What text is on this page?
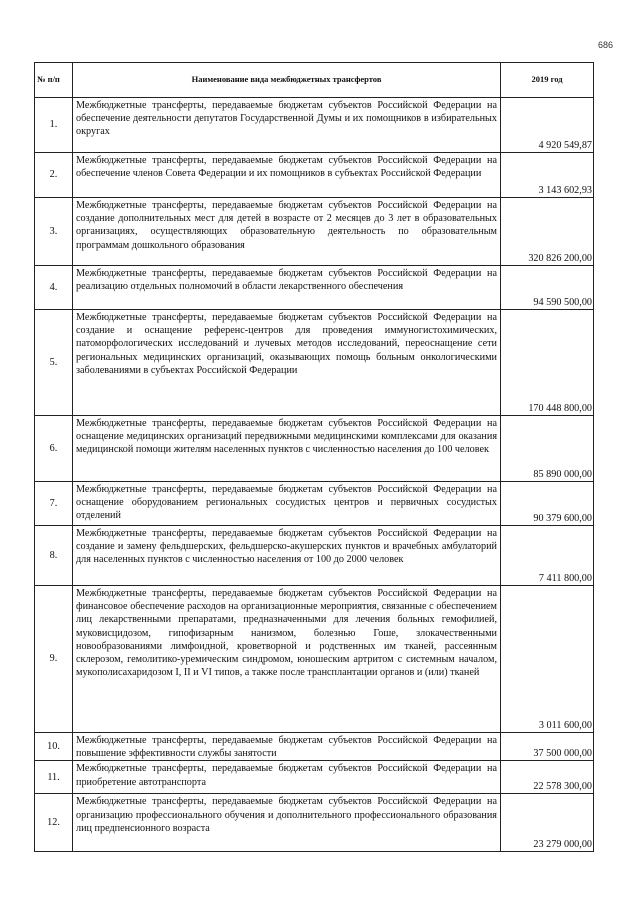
686
№ п/п	Наименование вида межбюджетных трансфертов	2019 год
1.	Межбюджетные трансферты, передаваемые бюджетам субъектов Российской Федерации на обеспечение деятельности депутатов Государственной Думы и их помощников в избирательных округах	4 920 549,87
2.	Межбюджетные трансферты, передаваемые бюджетам субъектов Российской Федерации на обеспечение членов Совета Федерации и их помощников в субъектах Российской Федерации	3 143 602,93
3.	Межбюджетные трансферты, передаваемые бюджетам субъектов Российской Федерации на создание дополнительных мест для детей в возрасте от 2 месяцев до 3 лет в образовательных организациях, осуществляющих образовательную деятельность по образовательным программам дошкольного образования	320 826 200,00
4.	Межбюджетные трансферты, передаваемые бюджетам субъектов Российской Федерации на реализацию отдельных полномочий в области лекарственного обеспечения	94 590 500,00
5.	Межбюджетные трансферты, передаваемые бюджетам субъектов Российской Федерации на создание и оснащение референс-центров для проведения иммуногистохимических, патоморфологических исследований и лучевых методов исследований, переоснащение сети региональных медицинских организаций, оказывающих помощь больным онкологическими заболеваниями в субъектах Российской Федерации	170 448 800,00
6.	Межбюджетные трансферты, передаваемые бюджетам субъектов Российской Федерации на оснащение медицинских организаций передвижными медицинскими комплексами для оказания медицинской помощи жителям населенных пунктов с численностью населения до 100 человек	85 890 000,00
7.	Межбюджетные трансферты, передаваемые бюджетам субъектов Российской Федерации на оснащение оборудованием региональных сосудистых центров и первичных сосудистых отделений	90 379 600,00
8.	Межбюджетные трансферты, передаваемые бюджетам субъектов Российской Федерации на создание и замену фельдшерских, фельдшерско-акушерских пунктов и врачебных амбулаторий для населенных пунктов с численностью населения от 100 до 2000 человек	7 411 800,00
9.	Межбюджетные трансферты, передаваемые бюджетам субъектов Российской Федерации на финансовое обеспечение расходов на организационные мероприятия, связанные с обеспечением лиц лекарственными препаратами, предназначенными для лечения больных гемофилией, муковисцидозом, гипофизарным нанизмом, болезнью Гоше, злокачественными новообразованиями лимфоидной, кроветворной и родственных им тканей, рассеянным склерозом, гемолитико-уремическим синдромом, юношеским артритом с системным началом, мукополисахаридозом I, II и VI типов, а также после трансплантации органов и (или) тканей	3 011 600,00
10.	Межбюджетные трансферты, передаваемые бюджетам субъектов Российской Федерации на повышение эффективности службы занятости	37 500 000,00
11.	Межбюджетные трансферты, передаваемые бюджетам субъектов Российской Федерации на приобретение автотранспорта	22 578 300,00
12.	Межбюджетные трансферты, передаваемые бюджетам субъектов Российской Федерации на организацию профессионального обучения и дополнительного профессионального образования лиц предпенсионного возраста	23 279 000,00
